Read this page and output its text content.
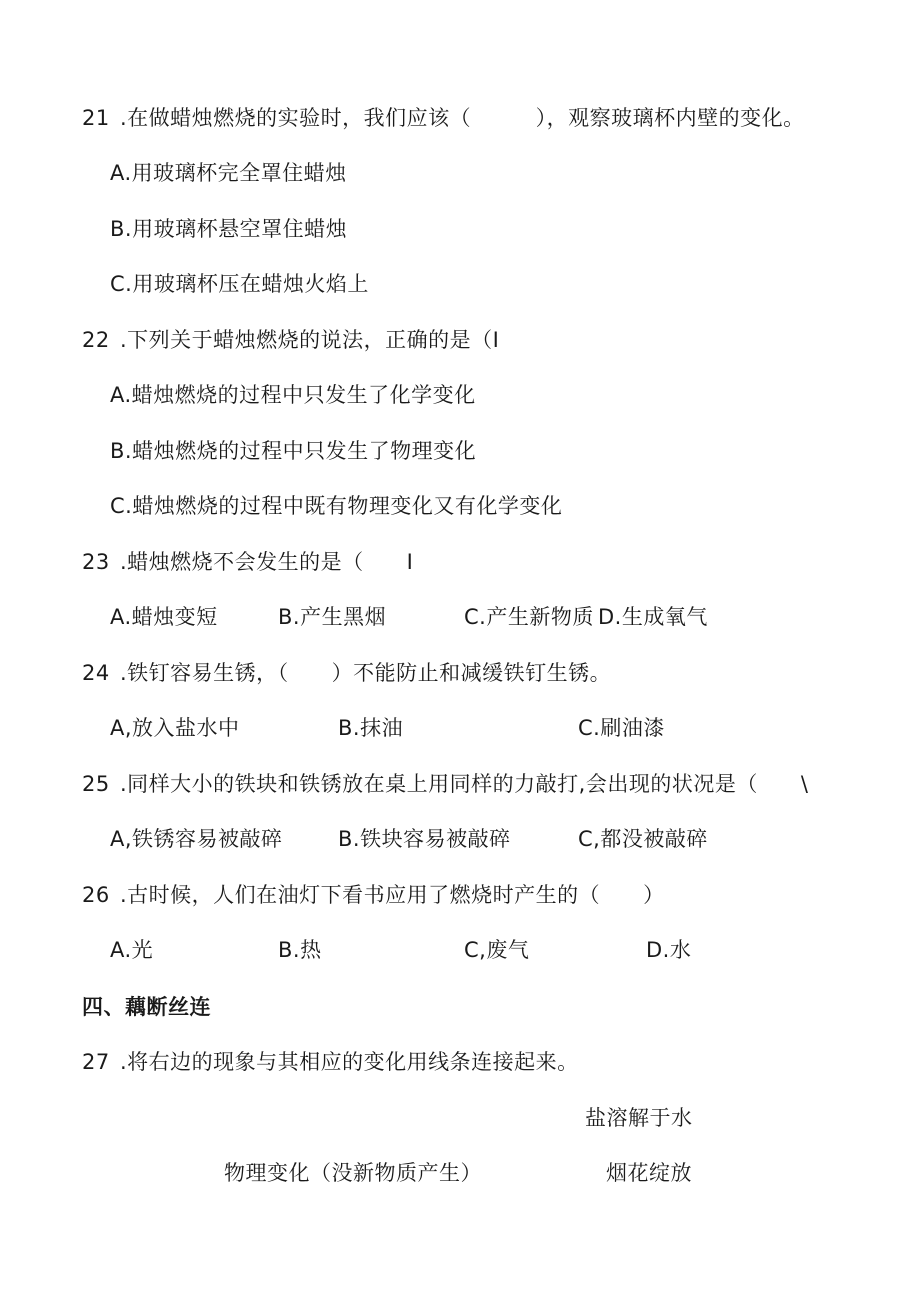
21 .在做蜡烛燃烧的实验时，我们应该（　　　），观察玻璃杯内壁的变化。
A.用玻璃杯完全罩住蜡烛
B.用玻璃杯悬空罩住蜡烛
C.用玻璃杯压在蜡烛火焰上
22 .下列关于蜡烛燃烧的说法，正确的是（I
A.蜡烛燃烧的过程中只发生了化学变化
B.蜡烛燃烧的过程中只发生了物理变化
C.蜡烛燃烧的过程中既有物理变化又有化学变化
23 .蜡烛燃烧不会发生的是（　　I
A.蜡烛变短	B.产生黑烟	C.产生新物质 D.生成氧气
24 .铁钉容易生锈，（　　）不能防止和减缓铁钉生锈。
A,放入盐水中	B.抹油	C.刷油漆
25 .同样大小的铁块和铁锈放在桌上用同样的力敲打,会出现的状况是（　　\
A,铁锈容易被敲碎	B.铁块容易被敲碎	C,都没被敲碎
26 .古时候，人们在油灯下看书应用了燃烧时产生的（　　）
A.光	B.热	C,废气	D.水
四、藕断丝连
27 .将右边的现象与其相应的变化用线条连接起来。
盐溶解于水
物理变化（没新物质产生）	烟花绽放
